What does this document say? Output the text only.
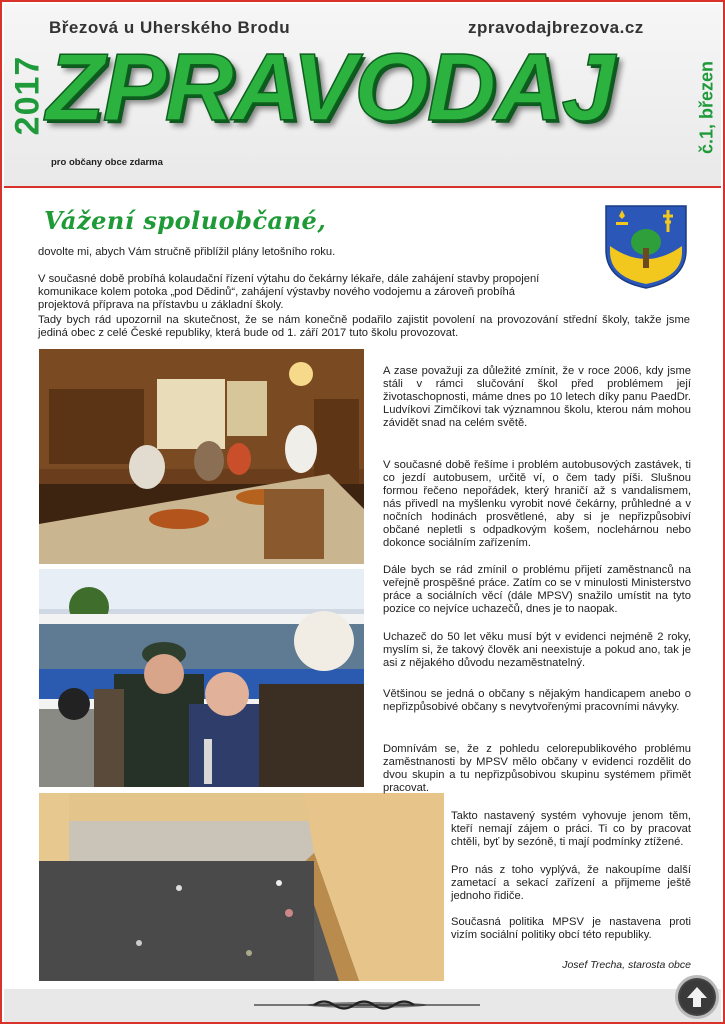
Březová u Uherského Brodu	zpravodajbrezova.cz
2017 ZPRAVODAJ	č.1, březen
pro občany obce zdarma
Vážení spoluobčané,
dovolte mi, abych Vám stručně přiblížil plány letošního roku.
V současné době probíhá kolaudační řízení výtahu do čekárny lékaře, dále zahájení stavby propojení
komunikace kolem potoka „pod Dědinů“, zahájení výstavby nového vodojemu a zároveň probíhá
projektová příprava na přístavbu u základní školy.
Tady bych rád upozornil na skutečnost, že se nám konečně podařilo zajistit povolení na provozování střední školy, takže jsme jediná obec z celé České republiky, která bude od 1. září 2017 tuto školu provozovat.
A zase považuji za důležité zmínit, že v roce 2006, kdy jsme stáli v rámci slučování škol před problémem její životaschopnosti, máme dnes po 10 letech díky panu PaedDr. Ludvíkovi Zimčíkovi tak významnou školu, kterou nám mohou závidět snad na celém světě.
V současné době řešíme i problém autobusových zastávek, ti co jezdí autobusem, určitě ví, o čem tady píši. Slušnou formou řečeno nepořádek, který hraničí až s vandalismem, nás přivedl na myšlenku vyrobit nové čekárny, průhledné a v nočních hodinách prosvětlené, aby si je nepřizpůsobiví občané nepletli s odpadkovým košem, noclehárnou nebo dokonce sociálním zařízením.
Dále bych se rád zmínil o problému přijetí zaměstnanců na veřejně prospěšné práce. Zatím co se v minulosti Ministerstvo práce a sociálních věcí (dále MPSV) snažilo umístit na tyto pozice co nejvíce uchazečů, dnes je to naopak.
Uchazeč do 50 let věku musí být v evidenci nejméně 2 roky, myslím si, že takový člověk ani neexistuje a pokud ano, tak je asi z nějakého důvodu nezaměstnatelný.
Většinou se jedná o občany s nějakým handicapem anebo o nepřizpůsobivé občany s nevytvořenými pracovními návyky.
Domnívám se, že z pohledu celorepublikového problému zaměstnanosti by MPSV mělo občany v evidenci rozdělit do dvou skupin a tu nepřizpůsobivou skupinu systémem přimět pracovat.
Takto nastavený systém vyhovuje jenom těm, kteří nemají zájem o práci. Ti co by pracovat chtěli, byť by sezóně, ti mají podmínky ztížené.
Pro nás z toho vyplývá, že nakoupíme další zametací a sekací zařízení a přijmeme ještě jednoho řidiče.
Současná politika MPSV je nastavena proti vizím sociální politiky obcí této republiky.
Josef Trecha, starosta obce
